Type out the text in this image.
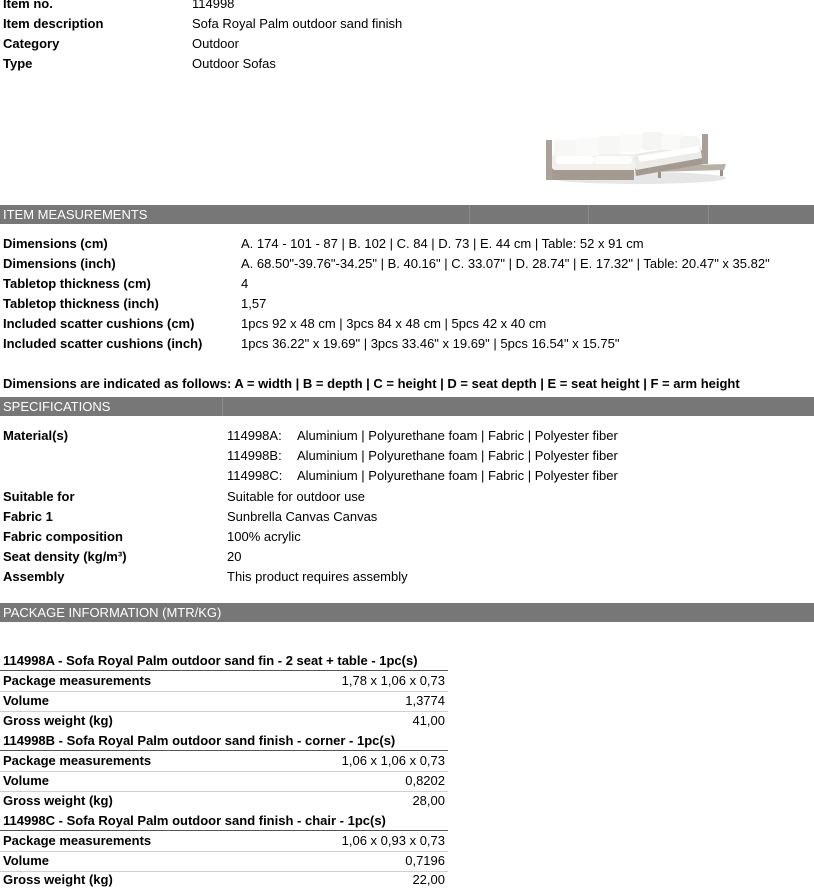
Item no.	114998
Item description	Sofa Royal Palm outdoor sand finish
Category	Outdoor
Type	Outdoor Sofas
ITEM MEASUREMENTS
Dimensions (cm)	A. 174 - 101 - 87 | B. 102 | C. 84 | D. 73 | E. 44 cm | Table: 52 x 91 cm
Dimensions (inch)	A. 68.50"-39.76"-34.25" | B. 40.16" | C. 33.07" | D. 28.74" | E. 17.32" | Table: 20.47" x 35.82"
Tabletop thickness (cm)	4
Tabletop thickness (inch)	1,57
Included scatter cushions (cm)	1pcs 92 x 48 cm | 3pcs 84 x 48 cm | 5pcs 42 x 40 cm
Included scatter cushions (inch)	1pcs 36.22" x 19.69" | 3pcs 33.46" x 19.69" | 5pcs 16.54" x 15.75"
Dimensions are indicated as follows: A = width | B = depth | C = height | D = seat depth | E = seat height | F = arm height
SPECIFICATIONS
Material(s)	114998A: Aluminium | Polyurethane foam | Fabric | Polyester fiber
114998B: Aluminium | Polyurethane foam | Fabric | Polyester fiber
114998C: Aluminium | Polyurethane foam | Fabric | Polyester fiber
Suitable for	Suitable for outdoor use
Fabric 1	Sunbrella Canvas Canvas
Fabric composition	100% acrylic
Seat density (kg/m³)	20
Assembly	This product requires assembly
PACKAGE INFORMATION (MTR/KG)
114998A - Sofa Royal Palm outdoor sand fin - 2 seat + table - 1pc(s)
Package measurements	1,78 x 1,06 x 0,73
Volume	1,3774
Gross weight (kg)	41,00
114998B - Sofa Royal Palm outdoor sand finish - corner - 1pc(s)
Package measurements	1,06 x 1,06 x 0,73
Volume	0,8202
Gross weight (kg)	28,00
114998C - Sofa Royal Palm outdoor sand finish - chair - 1pc(s)
Package measurements	1,06 x 0,93 x 0,73
Volume	0,7196
Gross weight (kg)	22,00
